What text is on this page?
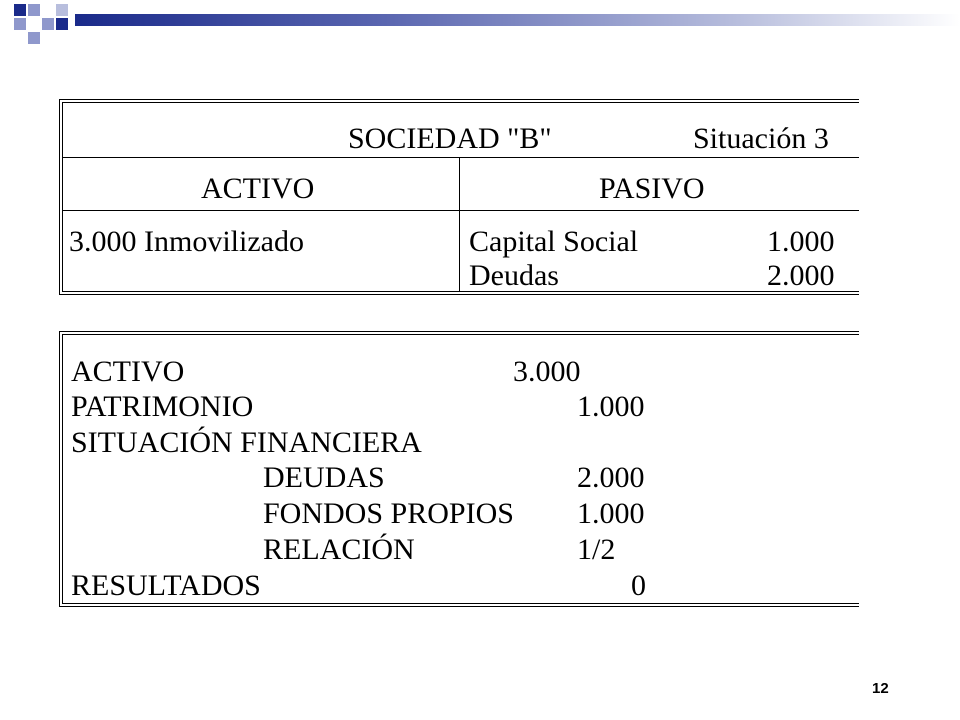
SOCIEDAD "B"	Situación 3
ACTIVO	PASIVO
3.000 Inmovilizado	Capital Social	1.000
Deudas	2.000
ACTIVO	3.000
PATRIMONIO	1.000
SITUACIÓN FINANCIERA
DEUDAS	2.000
FONDOS PROPIOS 1.000
RELACIÓN	1/2
RESULTADOS	0
12
